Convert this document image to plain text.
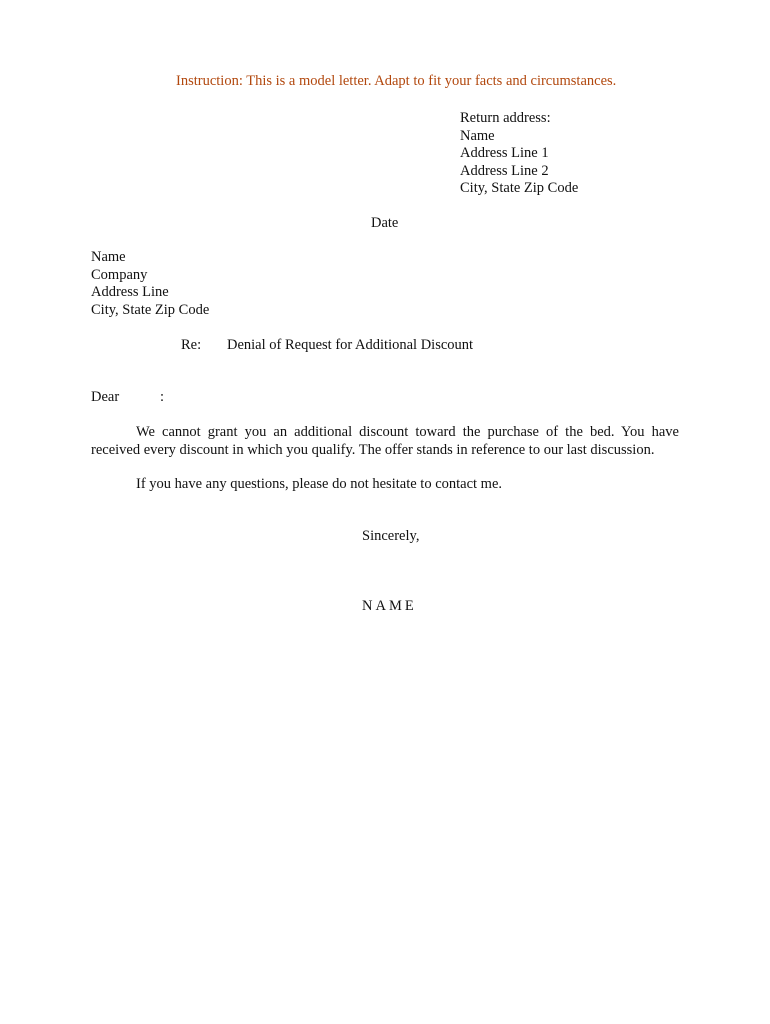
Instruction: This is a model letter. Adapt to fit your facts and circumstances.
Return address:
Name
Address Line 1
Address Line 2
City, State Zip Code
Date
Name
Company
Address Line
City, State Zip Code
Re: Denial of Request for Additional Discount
Dear	:
We cannot grant you an additional discount toward the purchase of the bed. You have received every discount in which you qualify. The offer stands in reference to our last discussion.
If you have any questions, please do not hesitate to contact me.
Sincerely,
NAME
